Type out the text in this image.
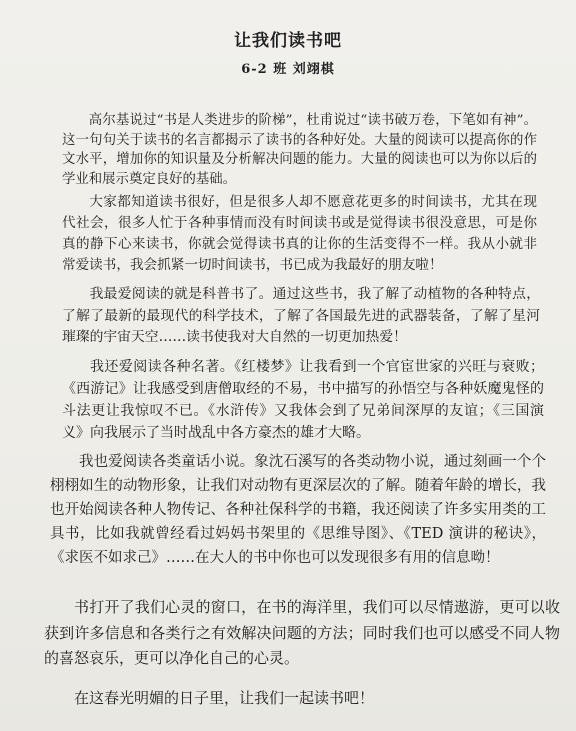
让我们读书吧
6-2 班 刘翊棋

高尔基说过“书是人类进步的阶梯”，杜甫说过“读书破万卷，下笔如有神”。这一句句关于读书的名言都揭示了读书的各种好处。大量的阅读可以提高你的作文水平，增加你的知识量及分析解决问题的能力。大量的阅读也可以为你以后的学业和展示奠定良好的基础。

大家都知道读书很好，但是很多人却不愿意花更多的时间读书，尤其在现代社会，很多人忙于各种事情而没有时间读书或是觉得读书很没意思，可是你真的静下心来读书，你就会觉得读书真的让你的生活变得不一样。我从小就非常爱读书，我会抓紧一切时间读书，书已成为我最好的朋友啦！

我最爱阅读的就是科普书了。通过这些书，我了解了动植物的各种特点，了解了最新的最现代的科学技术，了解了各国最先进的武器装备，了解了星河璀璨的宇宙天空……读书使我对大自然的一切更加热爱！

我还爱阅读各种名著。《红楼梦》让我看到一个官宦世家的兴旺与衰败；《西游记》让我感受到唐僧取经的不易，书中描写的孙悟空与各种妖魔鬼怪的斗法更让我惊叹不已。《水浒传》又我体会到了兄弟间深厚的友谊；《三国演义》向我展示了当时战乱中各方豪杰的雄才大略。

我也爱阅读各类童话小说。象沈石溪写的各类动物小说，通过刻画一个个栩栩如生的动物形象，让我们对动物有更深层次的了解。随着年龄的增长，我也开始阅读各种人物传记、各种社保科学的书籍，我还阅读了许多实用类的工具书，比如我就曾经看过妈妈书架里的《思维导图》、《TED 演讲的秘诀》，《求医不如求己》……在大人的书中你也可以发现很多有用的信息呦！

书打开了我们心灵的窗口，在书的海洋里，我们可以尽情遨游，更可以收获到许多信息和各类行之有效解决问题的方法；同时我们也可以感受不同人物的喜怒哀乐，更可以净化自己的心灵。

在这春光明媚的日子里，让我们一起读书吧！
